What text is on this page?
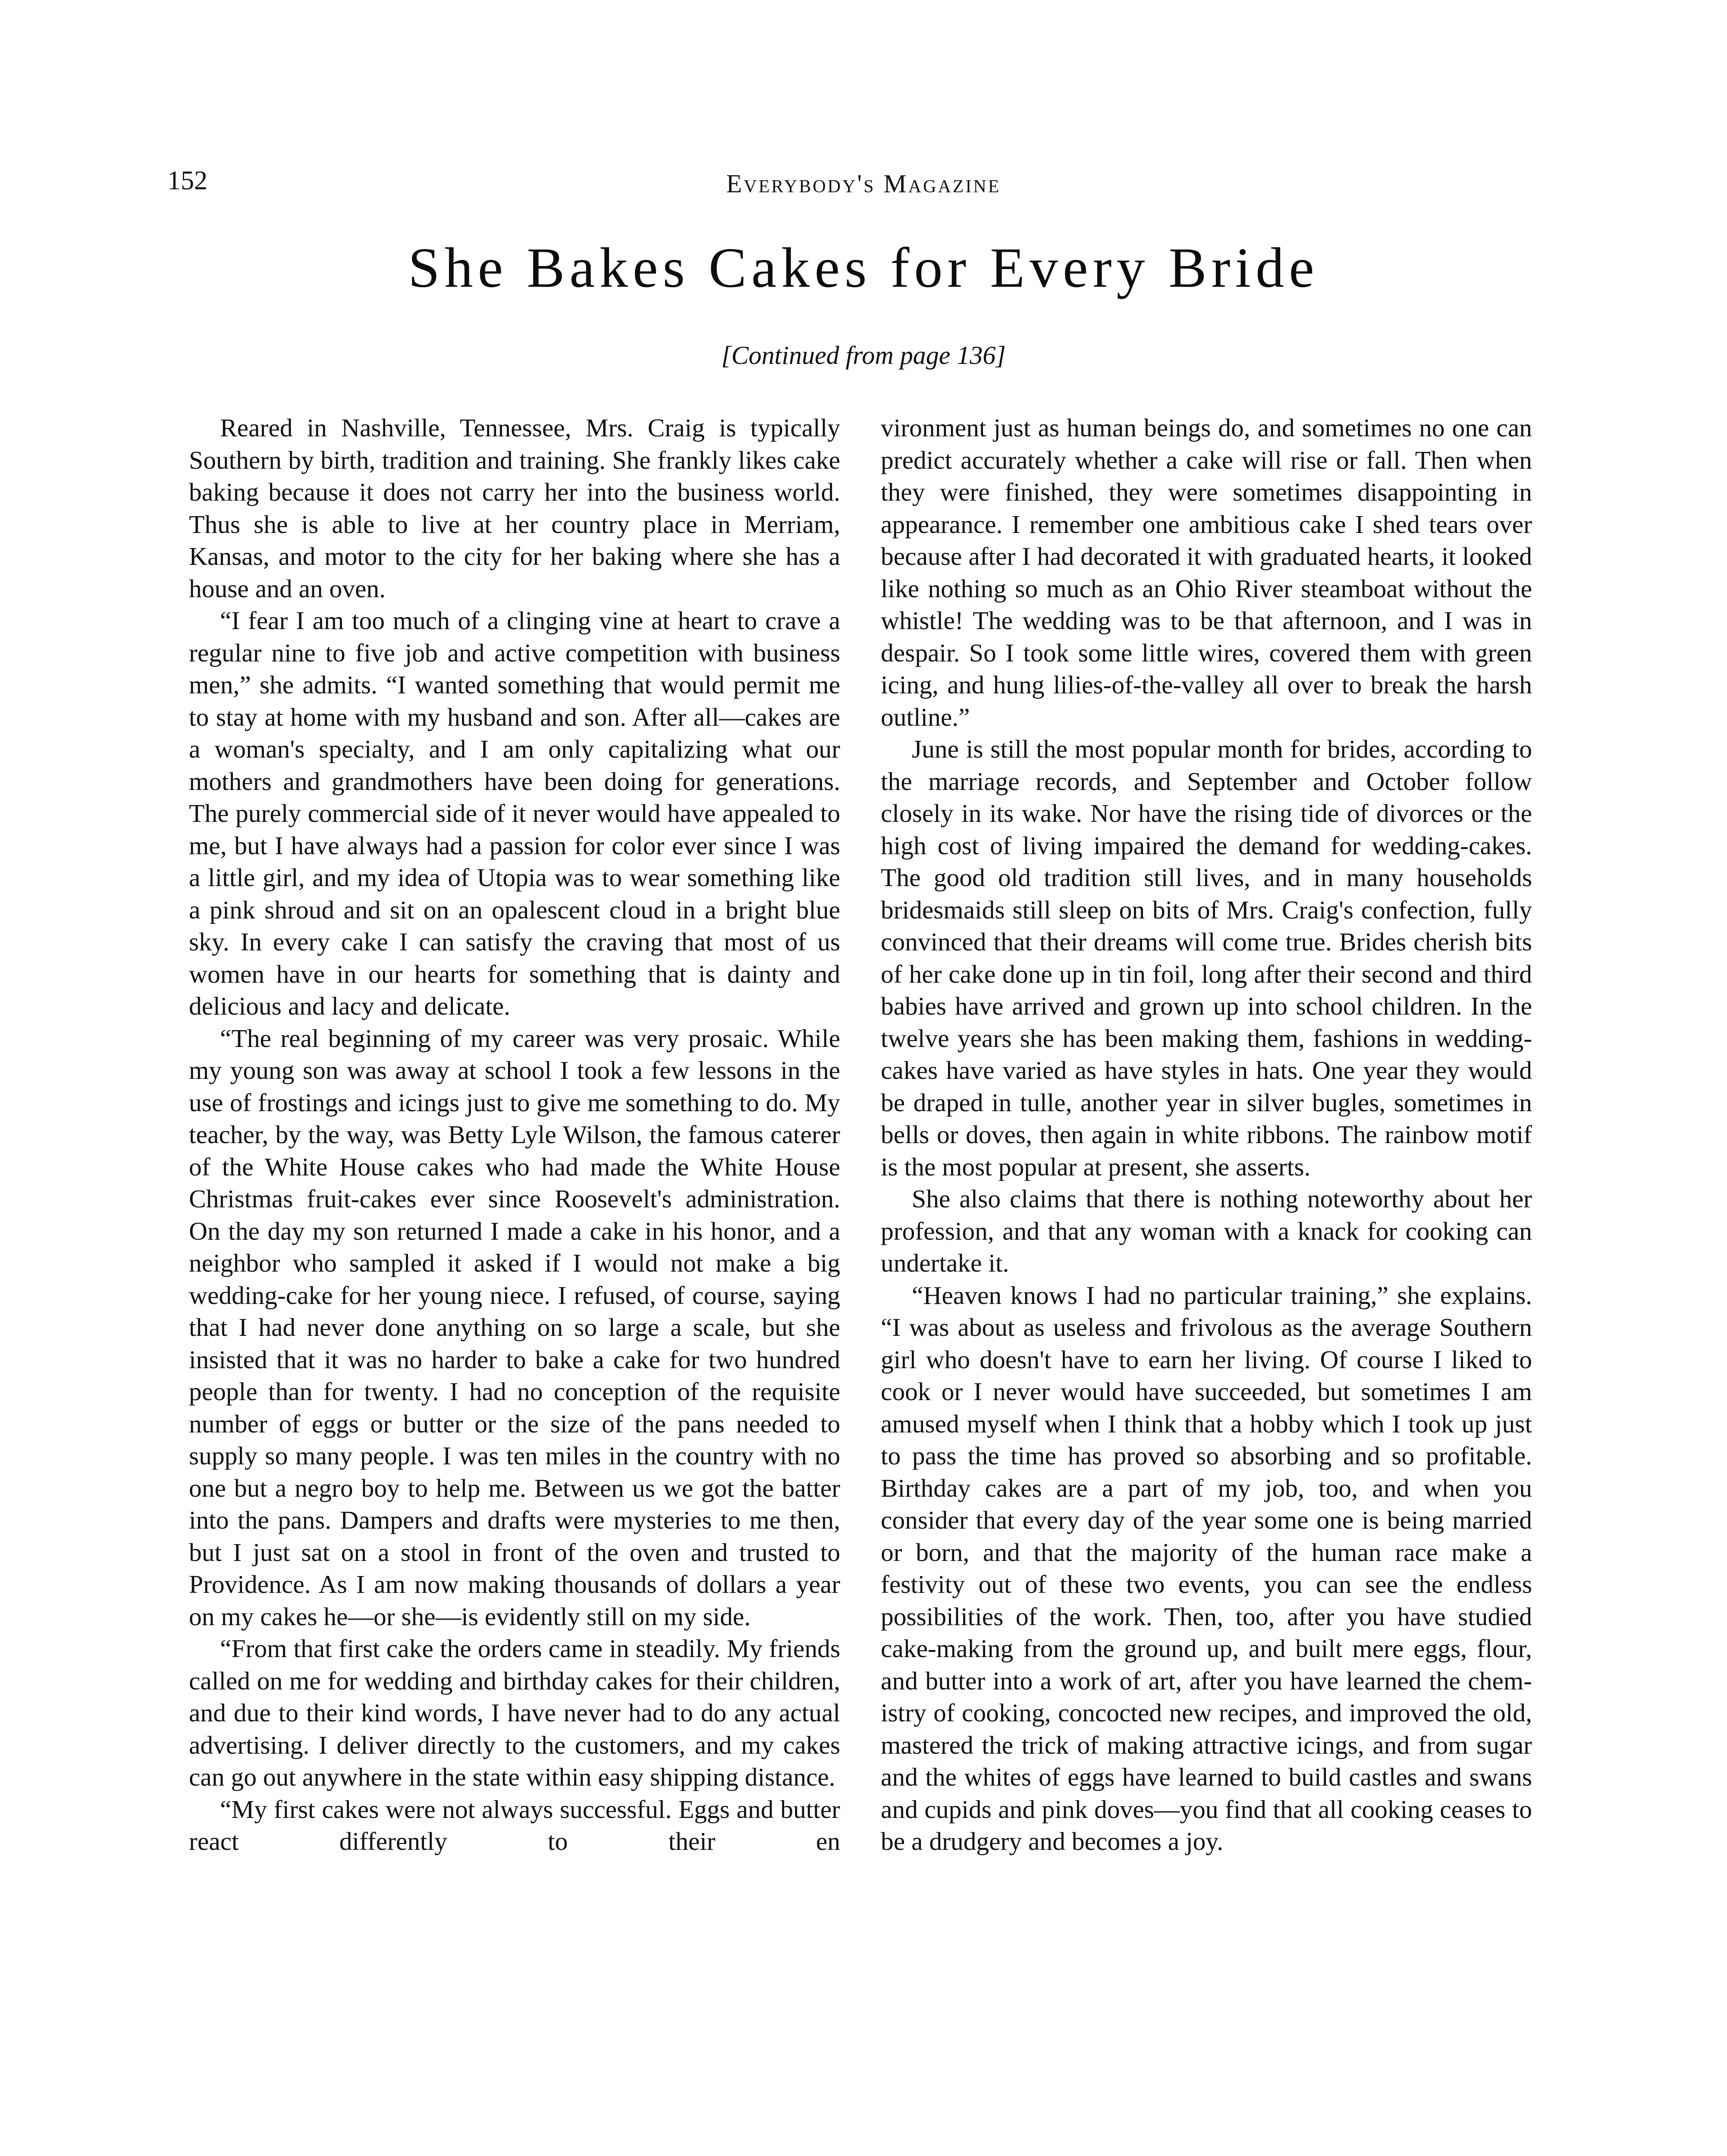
152	Everybody's Magazine
She Bakes Cakes for Every Bride
[Continued from page 136]

Reared in Nashville, Tennessee, Mrs. Craig is typically Southern by birth, tradition and training. She frankly likes cake baking because it does not carry her into the business world. Thus she is able to live at her country place in Merriam, Kansas, and motor to the city for her baking where she has a house and an oven.

“I fear I am too much of a clinging vine at heart to crave a regular nine to five job and active competition with business men,” she admits. “I wanted something that would permit me to stay at home with my husband and son. After all—cakes are a woman's specialty, and I am only capitalizing what our mothers and grandmothers have been doing for generations. The purely commercial side of it never would have appealed to me, but I have always had a passion for color ever since I was a little girl, and my idea of Utopia was to wear something like a pink shroud and sit on an opalescent cloud in a bright blue sky. In every cake I can satisfy the craving that most of us women have in our hearts for something that is dainty and delicious and lacy and delicate.

“The real beginning of my career was very prosaic. While my young son was away at school I took a few lessons in the use of frostings and icings just to give me something to do. My teacher, by the way, was Betty Lyle Wilson, the famous caterer of the White House cakes who had made the White House Christmas fruit-cakes ever since Roosevelt's administration. On the day my son returned I made a cake in his honor, and a neighbor who sampled it asked if I would not make a big wedding-cake for her young niece. I refused, of course, saying that I had never done anything on so large a scale, but she insisted that it was no harder to bake a cake for two hundred people than for twenty. I had no conception of the requisite number of eggs or butter or the size of the pans needed to supply so many people. I was ten miles in the country with no one but a negro boy to help me. Between us we got the batter into the pans. Dampers and drafts were mysteries to me then, but I just sat on a stool in front of the oven and trusted to Providence. As I am now making thousands of dollars a year on my cakes he—or she—is evidently still on my side.

“From that first cake the orders came in steadily. My friends called on me for wedding and birthday cakes for their children, and due to their kind words, I have never had to do any actual advertising. I deliver directly to the customers, and my cakes can go out anywhere in the state within easy shipping distance.

“My first cakes were not always successful. Eggs and butter react differently to their en

vironment just as human beings do, and sometimes no one can predict accurately whether a cake will rise or fall. Then when they were finished, they were sometimes disappointing in appearance. I remember one ambitious cake I shed tears over because after I had decorated it with graduated hearts, it looked like nothing so much as an Ohio River steamboat without the whistle! The wedding was to be that afternoon, and I was in despair. So I took some little wires, covered them with green icing, and hung lilies-of-the-valley all over to break the harsh outline.”

June is still the most popular month for brides, according to the marriage records, and September and October follow closely in its wake. Nor have the rising tide of divorces or the high cost of living impaired the demand for wedding-cakes. The good old tradition still lives, and in many households bridesmaids still sleep on bits of Mrs. Craig's confection, fully convinced that their dreams will come true. Brides cherish bits of her cake done up in tin foil, long after their second and third babies have arrived and grown up into school children. In the twelve years she has been making them, fashions in wedding-cakes have varied as have styles in hats. One year they would be draped in tulle, another year in silver bugles, sometimes in bells or doves, then again in white ribbons. The rainbow motif is the most popular at present, she asserts.

She also claims that there is nothing noteworthy about her profession, and that any woman with a knack for cooking can undertake it.

“Heaven knows I had no particular training,” she explains. “I was about as useless and frivolous as the average Southern girl who doesn't have to earn her living. Of course I liked to cook or I never would have succeeded, but sometimes I am amused myself when I think that a hobby which I took up just to pass the time has proved so absorbing and so profitable. Birthday cakes are a part of my job, too, and when you consider that every day of the year some one is being married or born, and that the majority of the human race make a festivity out of these two events, you can see the endless possibilities of the work. Then, too, after you have studied cake-making from the ground up, and built mere eggs, flour, and butter into a work of art, after you have learned the chemistry of cooking, concocted new recipes, and improved the old, mastered the trick of making attractive icings, and from sugar and the whites of eggs have learned to build castles and swans and cupids and pink doves—you find that all cooking ceases to be a drudgery and becomes a joy.
